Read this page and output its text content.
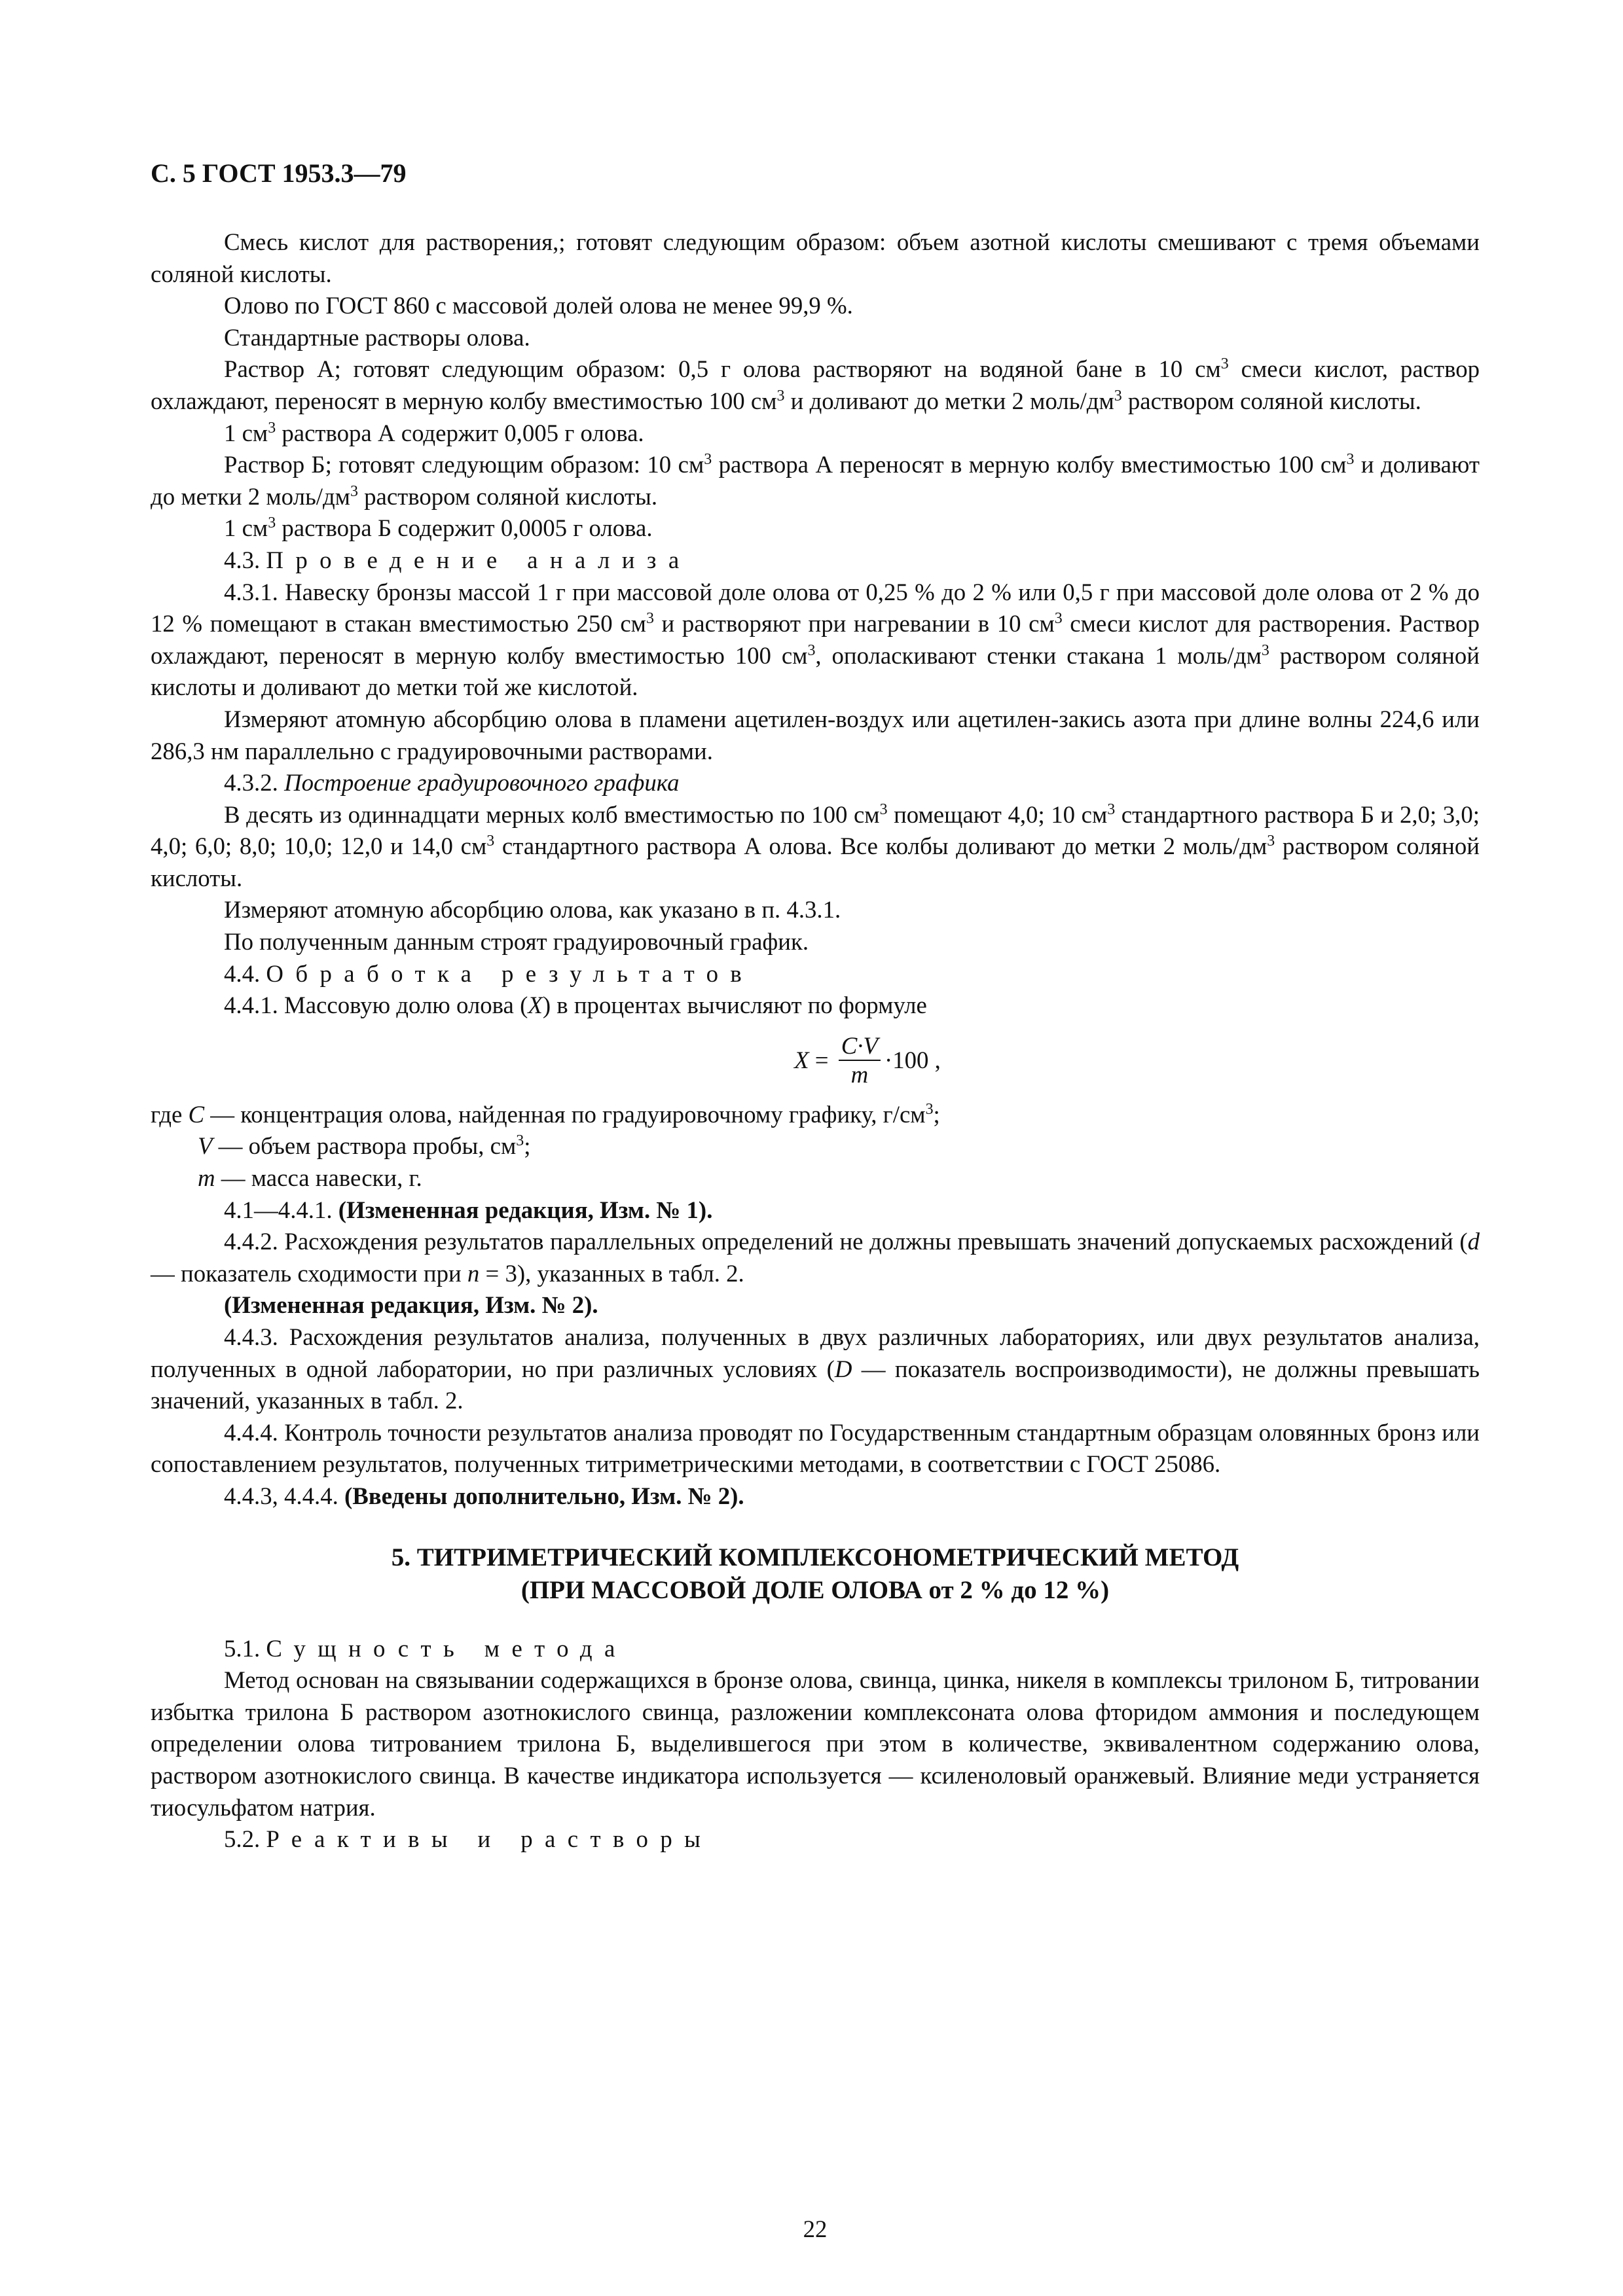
С. 5 ГОСТ 1953.3—79

Смесь кислот для растворения,; готовят следующим образом: объем азотной кислоты смешивают с тремя объемами соляной кислоты.

Олово по ГОСТ 860 с массовой долей олова не менее 99,9 %.

Стандартные растворы олова.

Раствор А; готовят следующим образом: 0,5 г олова растворяют на водяной бане в 10 $см^3$ смеси кислот, раствор охлаждают, переносят в мерную колбу вместимостью 100 $см^3$ и доливают до метки 2 моль/$дм^3$ раствором соляной кислоты.

1 $см^3$ раствора А содержит 0,005 г олова.

Раствор Б; готовят следующим образом: 10 $см^3$ раствора А переносят в мерную колбу вместимостью 100 $см^3$ и доливают до метки 2 моль/$дм^3$ раствором соляной кислоты.

1 $см^3$ раствора Б содержит 0,0005 г олова.

4.3. Проведение анализа

4.3.1. Навеску бронзы массой 1 г при массовой доле олова от 0,25 % до 2 % или 0,5 г при массовой доле олова от 2 % до 12 % помещают в стакан вместимостью 250 $см^3$ и растворяют при нагревании в 10 $см^3$ смеси кислот для растворения. Раствор охлаждают, переносят в мерную колбу вместимостью 100 $см^3$, ополаскивают стенки стакана 1 моль/$дм^3$ раствором соляной кислоты и доливают до метки той же кислотой.

Измеряют атомную абсорбцию олова в пламени ацетилен-воздух или ацетилен-закись азота при длине волны 224,6 или 286,3 нм параллельно с градуировочными растворами.

4.3.2. Построение градуировочного графика

В десять из одиннадцати мерных колб вместимостью по 100 $см^3$ помещают 4,0; 10 $см^3$ стандартного раствора Б и 2,0; 3,0; 4,0; 6,0; 8,0; 10,0; 12,0 и 14,0 $см^3$ стандартного раствора А олова. Все колбы доливают до метки 2 моль/$дм^3$ раствором соляной кислоты.

Измеряют атомную абсорбцию олова, как указано в п. 4.3.1.

По полученным данным строят градуировочный график.

4.4. Обработка результатов

4.4.1. Массовую долю олова (X) в процентах вычисляют по формуле

$X = \frac{C\cdot V}{m} \cdot 100$ ,

где C — концентрация олова, найденная по градуировочному графику, $г/см^3$;

V — объем раствора пробы, $см^3$;

m — масса навески, г.

4.1—4.4.1. (Измененная редакция, Изм. № 1).

4.4.2. Расхождения результатов параллельных определений не должны превышать значений допускаемых расхождений (d — показатель сходимости при n = 3), указанных в табл. 2.

(Измененная редакция, Изм. № 2).

4.4.3. Расхождения результатов анализа, полученных в двух различных лабораториях, или двух результатов анализа, полученных в одной лаборатории, но при различных условиях (D — показатель воспроизводимости), не должны превышать значений, указанных в табл. 2.

4.4.4. Контроль точности результатов анализа проводят по Государственным стандартным образцам оловянных бронз или сопоставлением результатов, полученных титриметрическими методами, в соответствии с ГОСТ 25086.

4.4.3, 4.4.4. (Введены дополнительно, Изм. № 2).

5. ТИТРИМЕТРИЧЕСКИЙ КОМПЛЕКСОНОМЕТРИЧЕСКИЙ МЕТОД

(ПРИ МАССОВОЙ ДОЛЕ ОЛОВА от 2 % до 12 %)

5.1. Сущность метода

Метод основан на связывании содержащихся в бронзе олова, свинца, цинка, никеля в комплексы трилоном Б, титровании избытка трилона Б раствором азотнокислого свинца, разложении комплексоната олова фторидом аммония и последующем определении олова титрованием трилона Б, выделившегося при этом в количестве, эквивалентном содержанию олова, раствором азотнокислого свинца. В качестве индикатора используется — ксиленоловый оранжевый. Влияние меди устраняется тиосульфатом натрия.

5.2. Реактивы и растворы

22
